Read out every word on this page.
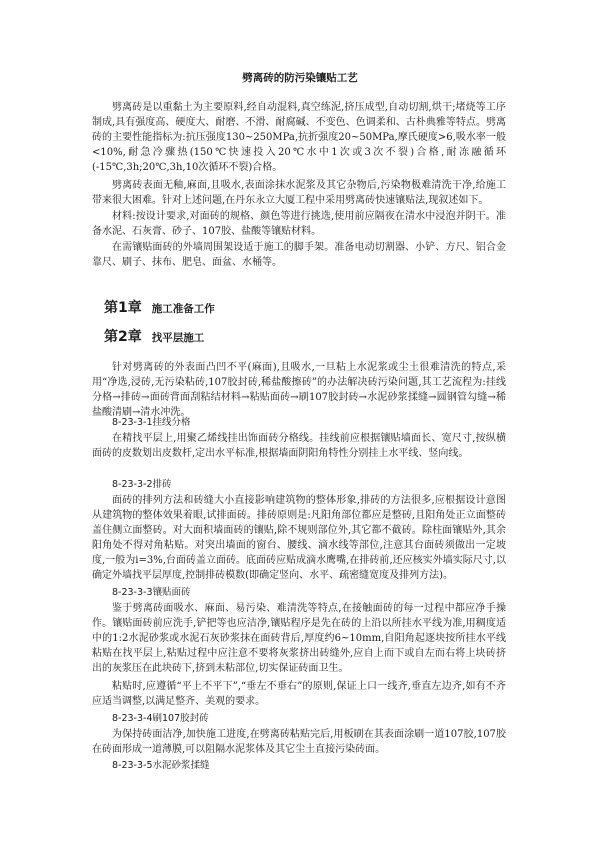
劈离砖的防污染镶贴工艺

劈离砖是以重黏土为主要原料,经自动混料,真空练泥,挤压成型,自动切割,烘干;堵烧等工序制成,具有强度高、硬度大、耐磨、不滑、耐腐碱、不变色、色调柔和、古朴典雅等特点。劈离砖的主要性能指标为:抗压强度130~250MPa,抗折强度20~50MPa,摩氏硬度>6,吸水率一般<10%,耐急冷骤热(150℃快速投入20℃水中1次或3次不裂)合格,耐冻融循环(-15℃,3h;20℃,3h,10次循环不裂)合格。

劈离砖表面无釉,麻面,且吸水,表面涂抹水泥浆及其它杂物后,污染物极难清洗干净,给施工带来很大困难。针对上述问题,在丹东永立大厦工程中采用劈离砖快速镶贴法,现叙述如下。

材料:按设计要求,对面砖的规格、颜色等进行挑选,使用前应隔夜在清水中浸泡并阴干。准备水泥、石灰膏、砂子、107胶、盐酸等镶贴材料。

在需镶贴面砖的外墙周围架设适于施工的脚手架。准备电动切割器、小铲、方尺、铝合金靠尺、刷子、抹布、肥皂、面盆、水桶等。

第1章 施工准备工作
第2章 找平层施工

针对劈离砖的外表面凸凹不平(麻面),且吸水,一旦粘上水泥浆或尘土很难清洗的特点,采用“净选,浸砖,无污染粘砖,107胶封砖,稀盐酸擦砖”的办法解决砖污染问题,其工艺流程为:挂线分格→排砖→面砖背面刮粘结材料→粘贴面砖→刷107胶封砖→水泥砂浆揉缝→圆钢管勾缝→稀盐酸清刷→清水冲洗。

8-23-3-1挂线分格

在精找平层上,用聚乙烯线挂出饰面砖分格线。挂线前应根据镶贴墙面长、宽尺寸,按纵横面砖的皮数划出皮数杆,定出水平标准,根据墙面阴阳角特性分别挂上水平线、竖向线。

8-23-3-2排砖

面砖的排列方法和砖缝大小直接影响建筑物的整体形象,排砖的方法很多,应根据设计意图从建筑物的整体效果着眼,试排面砖。排砖原则是:凡阳角部位都应是整砖,且阳角处正立面整砖盖住侧立面整砖。对大面积墙面砖的镶贴,除不规则部位外,其它都不截砖。除柱面镶贴外,其余阳角处不得对角粘贴。对突出墙面的窗台、腰线、滴水线等部位,注意其台面砖须做出一定坡度,一般为i=3%,台面砖盖立面砖。底面砖应贴成滴水鹰嘴,在排砖前,还应核实外墙实际尺寸,以确定外墙找平层厚度,控制排砖模数(即确定竖向、水平、疏密缝宽度及排列方法)。

8-23-3-3镶贴面砖

鉴于劈离砖面吸水、麻面、易污染、难清洗等特点,在接触面砖的每一过程中都应净手操作。镶贴面砖前应洗手,铲把等也应洁净,镶贴程序是先在砖的上沿以所挂水平线为准,用稠度适中的1:2水泥砂浆或水泥石灰砂浆抹在面砖背后,厚度约6~10mm,自阳角起逐块按所挂水平线粘贴在找平层上,粘贴过程中应注意不要将灰浆挤出砖缝外,应自上而下或自左而右将上块砖挤出的灰浆压在此块砖下,挤到未粘部位,切实保证砖面卫生。

粘贴时,应遵循“平上不平下”,“垂左不垂右”的原则,保证上口一线齐,垂直左边齐,如有不齐应适当调整,以满足整齐、美观的要求。

8-23-3-4刷107胶封砖

为保持砖面洁净,加快施工进度,在劈离砖粘贴完后,用板刷在其表面涂刷一道107胶,107胶在砖面形成一道薄膜,可以阻隔水泥浆体及其它尘土直接污染砖面。

8-23-3-5水泥砂浆揉缝
